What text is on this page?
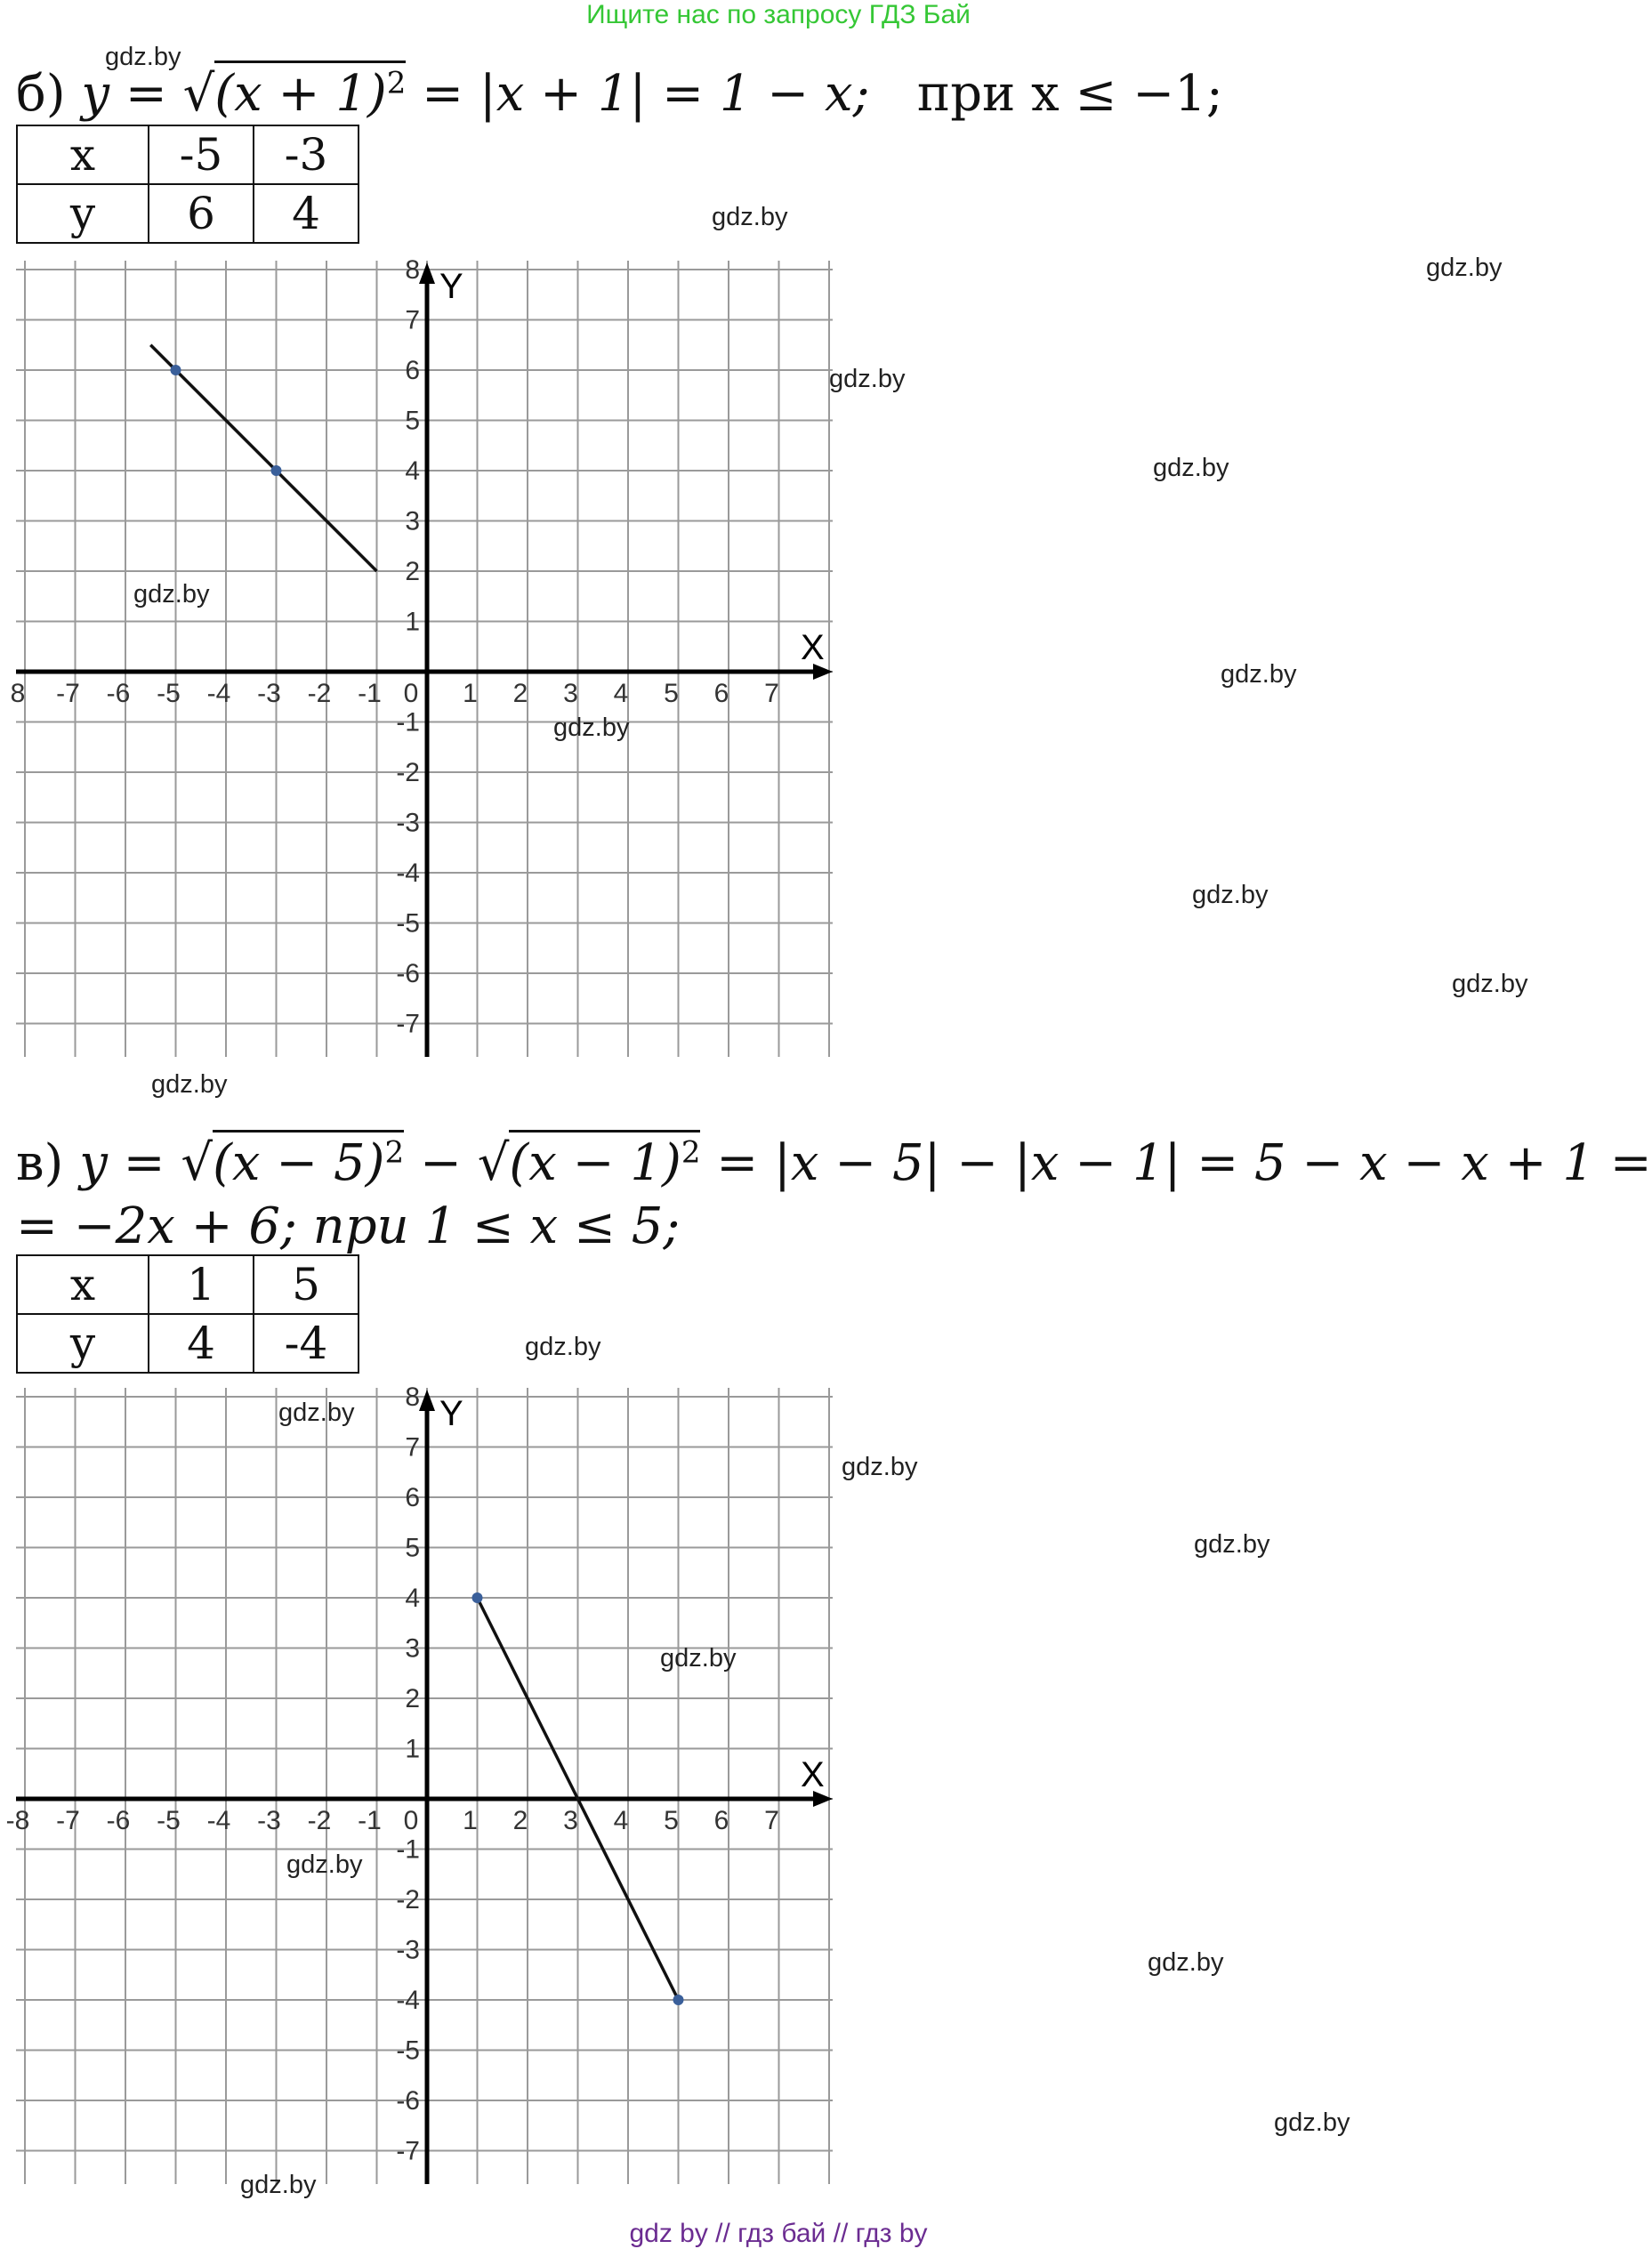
Ищите нас по запросу ГДЗ Бай
б) $y = √(x + 1)^2 = |x + 1| = 1 - x$; при x ≤ −1;
x	-5	-3
y	6	4
X
Y
8 -7 -6 -5 -4 -3 -2 -1 0 1 2 3 4 5 6 7
8
7
6
5
4
3
2
1
-1
-2
-3
-4
-5
-6
-7
в) $y = √(x - 5)^2 - √(x - 1)^2 = |x - 5| - |x - 1| = 5 - x - x + 1$ =
= −2x + 6; при 1 ≤ x ≤ 5;
x	1	5
y	4	-4
X
Y
-8 -7 -6 -5 -4 -3 -2 -1 0 1 2 3 4 5 6 7
8
7
6
5
4
3
2
1
-1
-2
-3
-4
-5
-6
-7
gdz.by
gdz.by
gdz.by
gdz.by
gdz.by
gdz.by
gdz.by
gdz.by
gdz.by
gdz.by
gdz.by
gdz.by
gdz.by
gdz.by
gdz.by
gdz.by
gdz.by
gdz.by
gdz.by
gdz.by
gdz by // гдз бай // гдз by
